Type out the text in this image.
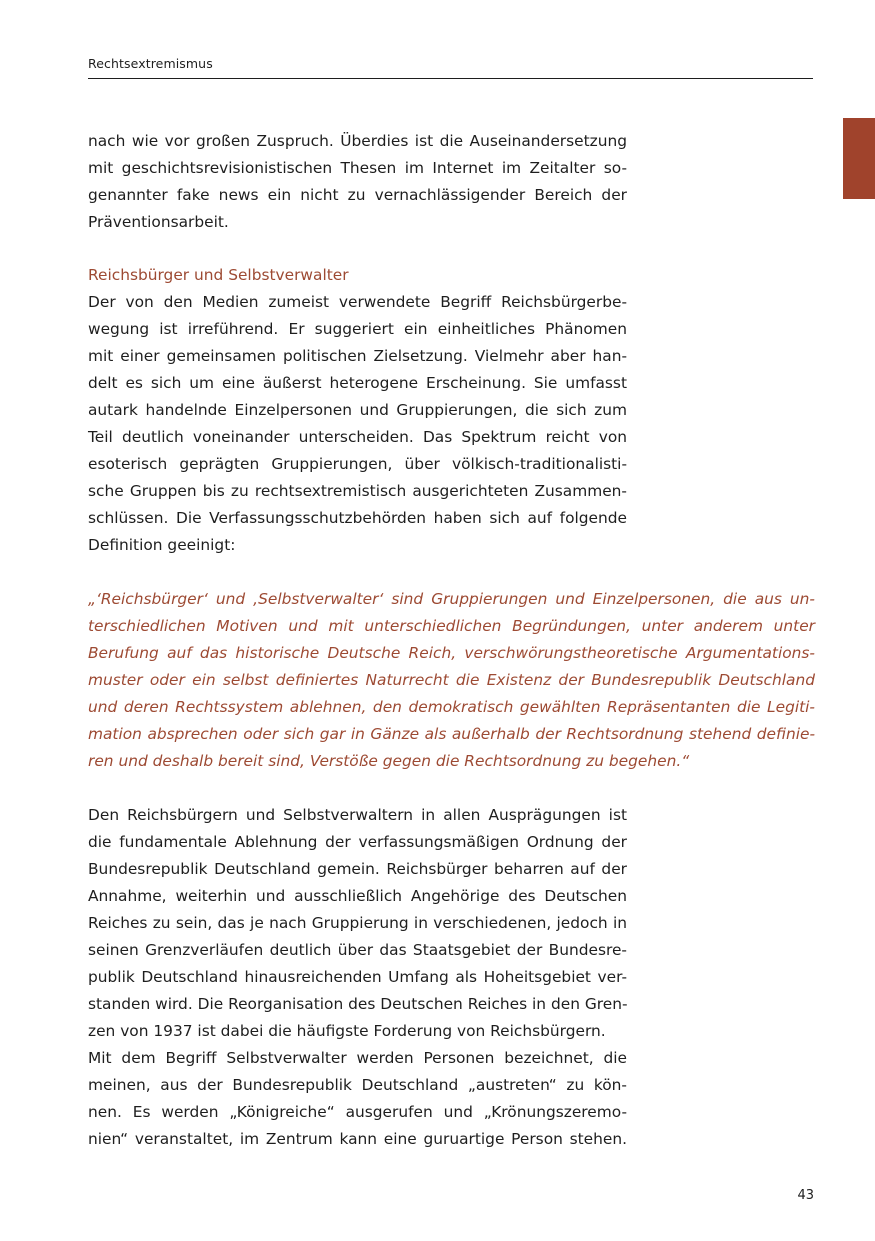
Rechtsextremismus

nach wie vor großen Zuspruch. Überdies ist die Auseinandersetzung
mit geschichtsrevisionistischen Thesen im Internet im Zeitalter so-
genannter fake news ein nicht zu vernachlässigender Bereich der
Präventionsarbeit.

Reichsbürger und Selbstverwalter

Der von den Medien zumeist verwendete Begriff Reichsbürgerbe-
wegung ist irreführend. Er suggeriert ein einheitliches Phänomen
mit einer gemeinsamen politischen Zielsetzung. Vielmehr aber han-
delt es sich um eine äußerst heterogene Erscheinung. Sie umfasst
autark handelnde Einzelpersonen und Gruppierungen, die sich zum
Teil deutlich voneinander unterscheiden. Das Spektrum reicht von
esoterisch geprägten Gruppierungen, über völkisch-traditionalisti-
sche Gruppen bis zu rechtsextremistisch ausgerichteten Zusammen-
schlüssen. Die Verfassungsschutzbehörden haben sich auf folgende
Definition geeinigt:

„‘Reichsbürger‘ und ‚Selbstverwalter‘ sind Gruppierungen und Einzelpersonen, die aus un-
terschiedlichen Motiven und mit unterschiedlichen Begründungen, unter anderem unter
Berufung auf das historische Deutsche Reich, verschwörungstheoretische Argumentations-
muster oder ein selbst definiertes Naturrecht die Existenz der Bundesrepublik Deutschland
und deren Rechtssystem ablehnen, den demokratisch gewählten Repräsentanten die Legiti-
mation absprechen oder sich gar in Gänze als außerhalb der Rechtsordnung stehend definie-
ren und deshalb bereit sind, Verstöße gegen die Rechtsordnung zu begehen.“

Den Reichsbürgern und Selbstverwaltern in allen Ausprägungen ist
die fundamentale Ablehnung der verfassungsmäßigen Ordnung der
Bundesrepublik Deutschland gemein. Reichsbürger beharren auf der
Annahme, weiterhin und ausschließlich Angehörige des Deutschen
Reiches zu sein, das je nach Gruppierung in verschiedenen, jedoch in
seinen Grenzverläufen deutlich über das Staatsgebiet der Bundesre-
publik Deutschland hinausreichenden Umfang als Hoheitsgebiet ver-
standen wird. Die Reorganisation des Deutschen Reiches in den Gren-
zen von 1937 ist dabei die häufigste Forderung von Reichsbürgern.

Mit dem Begriff Selbstverwalter werden Personen bezeichnet, die
meinen, aus der Bundesrepublik Deutschland „austreten“ zu kön-
nen. Es werden „Königreiche“ ausgerufen und „Krönungszeremo-
nien“ veranstaltet, im Zentrum kann eine guruartige Person stehen.

43
